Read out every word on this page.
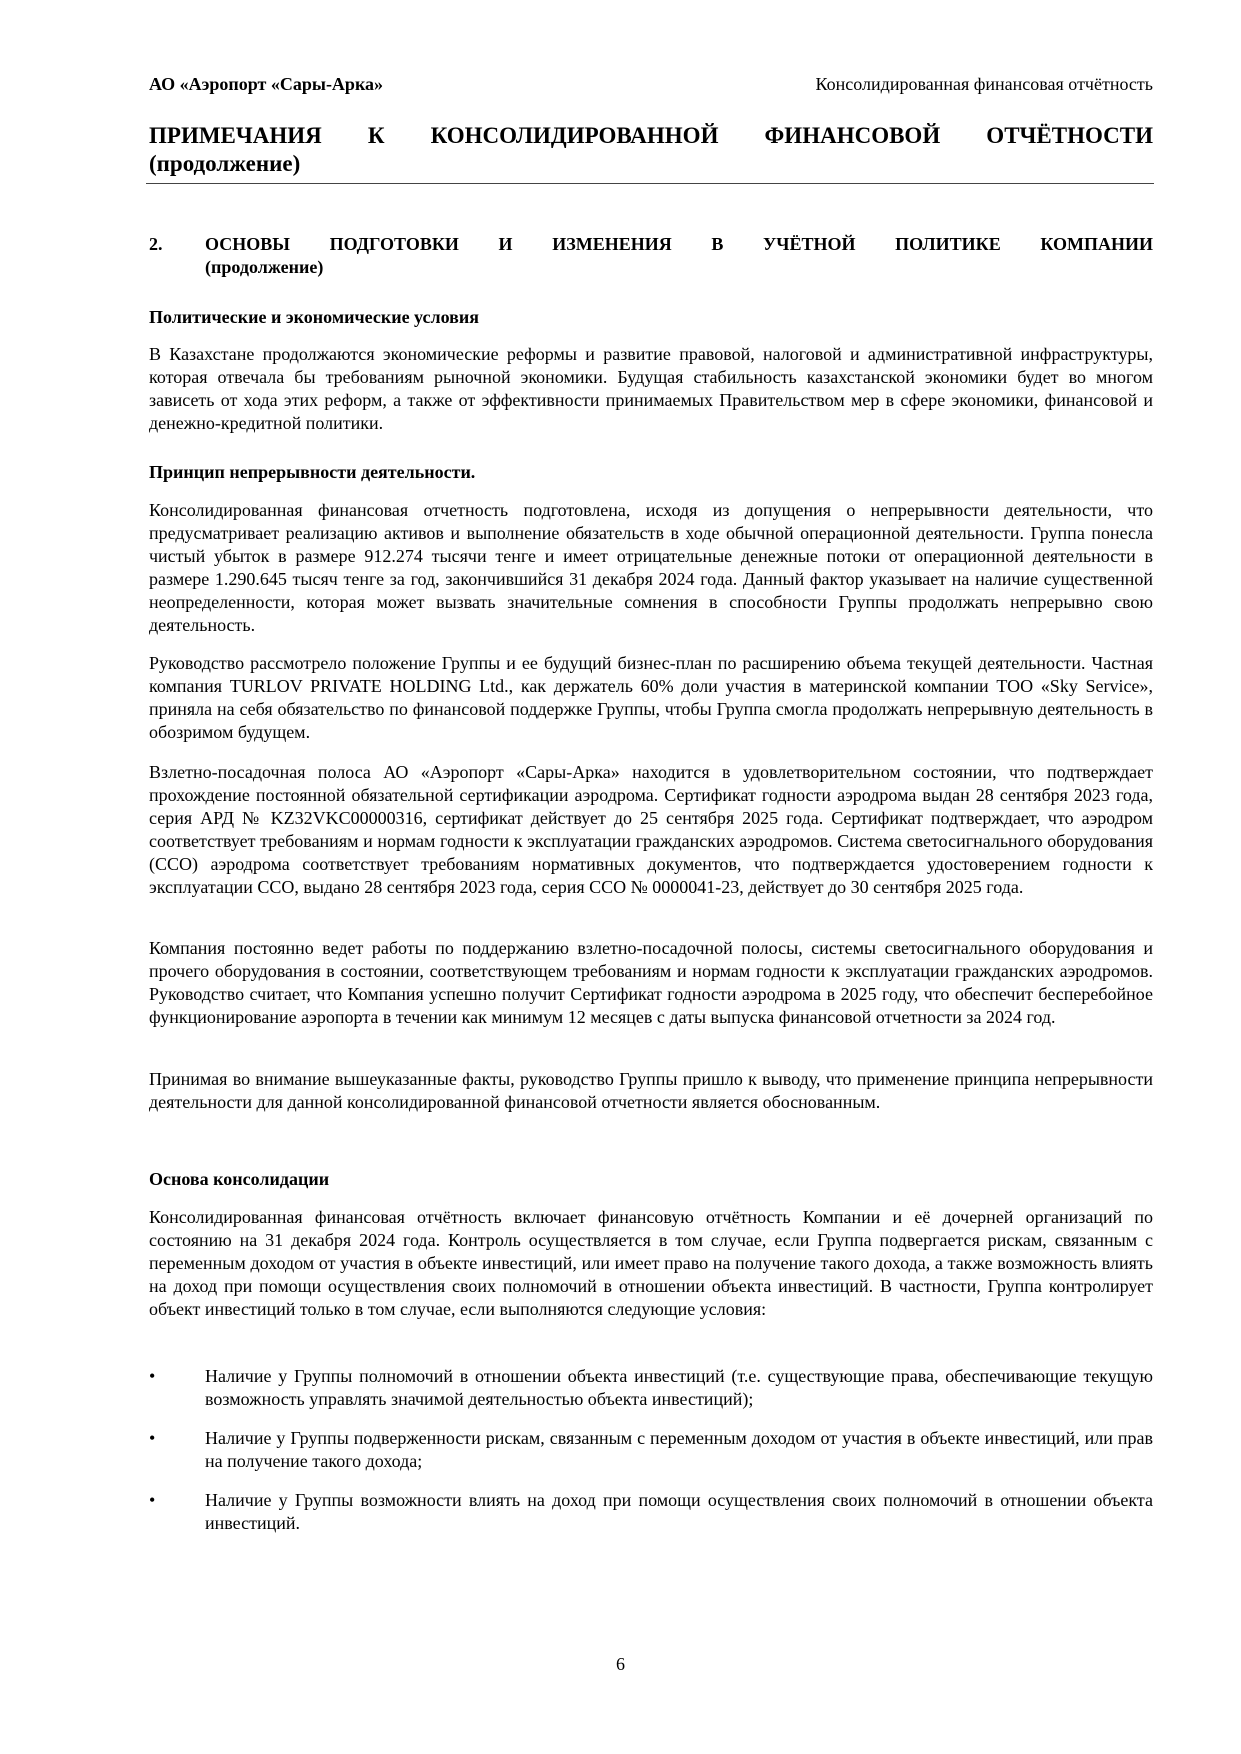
АО «Аэропорт «Сары-Арка»	Консолидированная финансовая отчётность

ПРИМЕЧАНИЯ К КОНСОЛИДИРОВАННОЙ ФИНАНСОВОЙ ОТЧЁТНОСТИ
(продолжение)
2.	ОСНОВЫ ПОДГОТОВКИ И ИЗМЕНЕНИЯ В УЧЁТНОЙ ПОЛИТИКЕ КОМПАНИИ
(продолжение)
Политические и экономические условия

В Казахстане продолжаются экономические реформы и развитие правовой, налоговой и административной инфраструктуры, которая отвечала бы требованиям рыночной экономики. Будущая стабильность казахстанской экономики будет во многом зависеть от хода этих реформ, а также от эффективности принимаемых Правительством мер в сфере экономики, финансовой и денежно-кредитной политики.

Принцип непрерывности деятельности.

Консолидированная финансовая отчетность подготовлена, исходя из допущения о непрерывности деятельности, что предусматривает реализацию активов и выполнение обязательств в ходе обычной операционной деятельности. Группа понесла чистый убыток в размере 912.274 тысячи тенге и имеет отрицательные денежные потоки от операционной деятельности в размере 1.290.645 тысяч тенге за год, закончившийся 31 декабря 2024 года. Данный фактор указывает на наличие существенной неопределенности, которая может вызвать значительные сомнения в способности Группы продолжать непрерывно свою деятельность.

Руководство рассмотрело положение Группы и ее будущий бизнес-план по расширению объема текущей деятельности. Частная компания TURLOV PRIVATE HOLDING Ltd., как держатель 60% доли участия в материнской компании ТОО «Sky Service», приняла на себя обязательство по финансовой поддержке Группы, чтобы Группа смогла продолжать непрерывную деятельность в обозримом будущем.

Взлетно-посадочная полоса АО «Аэропорт «Сары-Арка» находится в удовлетворительном состоянии, что подтверждает прохождение постоянной обязательной сертификации аэродрома. Сертификат годности аэродрома выдан 28 сентября 2023 года, серия АРД № KZ32VKC00000316, сертификат действует до 25 сентября 2025 года. Сертификат подтверждает, что аэродром соответствует требованиям и нормам годности к эксплуатации гражданских аэродромов. Система светосигнального оборудования (ССО) аэродрома соответствует требованиям нормативных документов, что подтверждается удостоверением годности к эксплуатации ССО, выдано 28 сентября 2023 года, серия ССО № 0000041-23, действует до 30 сентября 2025 года.

Компания постоянно ведет работы по поддержанию взлетно-посадочной полосы, системы светосигнального оборудования и прочего оборудования в состоянии, соответствующем требованиям и нормам годности к эксплуатации гражданских аэродромов. Руководство считает, что Компания успешно получит Сертификат годности аэродрома в 2025 году, что обеспечит бесперебойное функционирование аэропорта в течении как минимум 12 месяцев с даты выпуска финансовой отчетности за 2024 год.

Принимая во внимание вышеуказанные факты, руководство Группы пришло к выводу, что применение принципа непрерывности деятельности для данной консолидированной финансовой отчетности является обоснованным.

Основа консолидации

Консолидированная финансовая отчётность включает финансовую отчётность Компании и её дочерней организаций по состоянию на 31 декабря 2024 года. Контроль осуществляется в том случае, если Группа подвергается рискам, связанным с переменным доходом от участия в объекте инвестиций, или имеет право на получение такого дохода, а также возможность влиять на доход при помощи осуществления своих полномочий в отношении объекта инвестиций. В частности, Группа контролирует объект инвестиций только в том случае, если выполняются следующие условия:

•	Наличие у Группы полномочий в отношении объекта инвестиций (т.е. существующие права, обеспечивающие текущую возможность управлять значимой деятельностью объекта инвестиций);
•	Наличие у Группы подверженности рискам, связанным с переменным доходом от участия в объекте инвестиций, или прав на получение такого дохода;
•	Наличие у Группы возможности влиять на доход при помощи осуществления своих полномочий в отношении объекта инвестиций.
6
